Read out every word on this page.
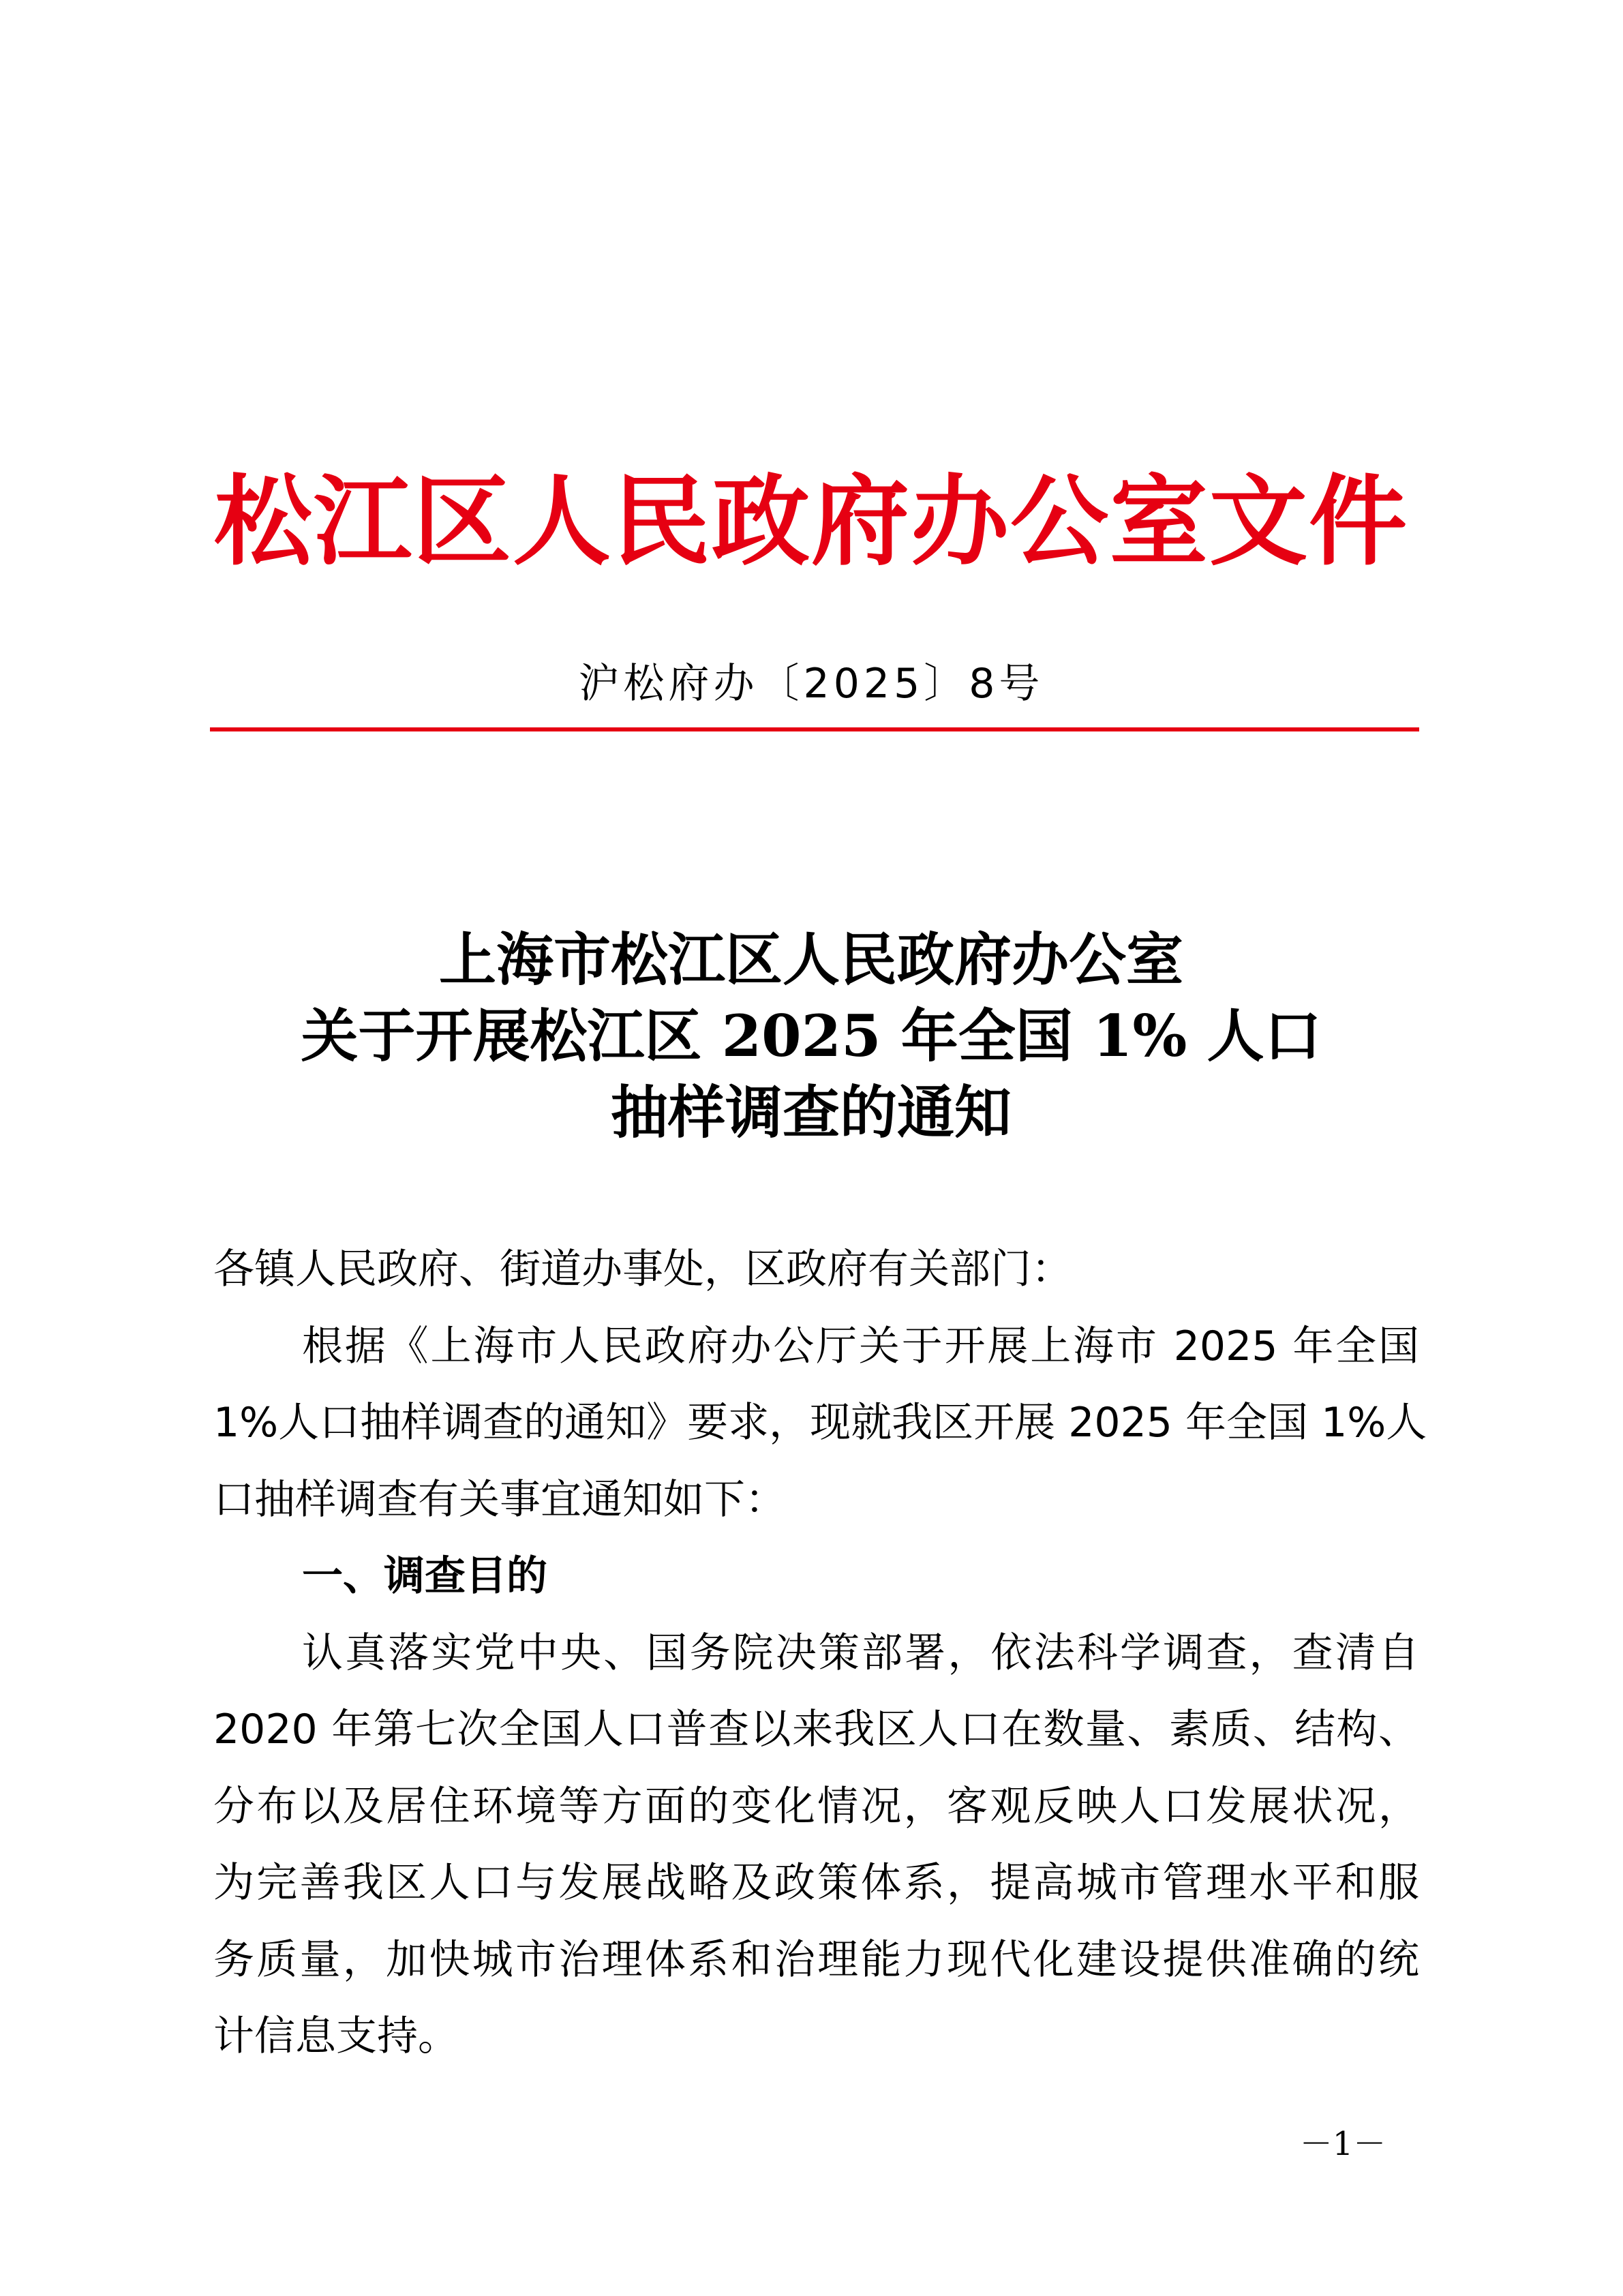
松江区人民政府办公室文件
沪松府办〔2025〕8号
上海市松江区人民政府办公室
关于开展松江区 2025 年全国 1% 人口
抽样调查的通知
各镇人民政府、街道办事处，区政府有关部门：
根据《上海市人民政府办公厅关于开展上海市 2025 年全国
1%人口抽样调查的通知》要求，现就我区开展 2025 年全国 1%人
口抽样调查有关事宜通知如下：
一、调查目的
认真落实党中央、国务院决策部署，依法科学调查，查清自
2020 年第七次全国人口普查以来我区人口在数量、素质、结构、
分布以及居住环境等方面的变化情况，客观反映人口发展状况，
为完善我区人口与发展战略及政策体系，提高城市管理水平和服
务质量，加快城市治理体系和治理能力现代化建设提供准确的统
计信息支持。
－1－
